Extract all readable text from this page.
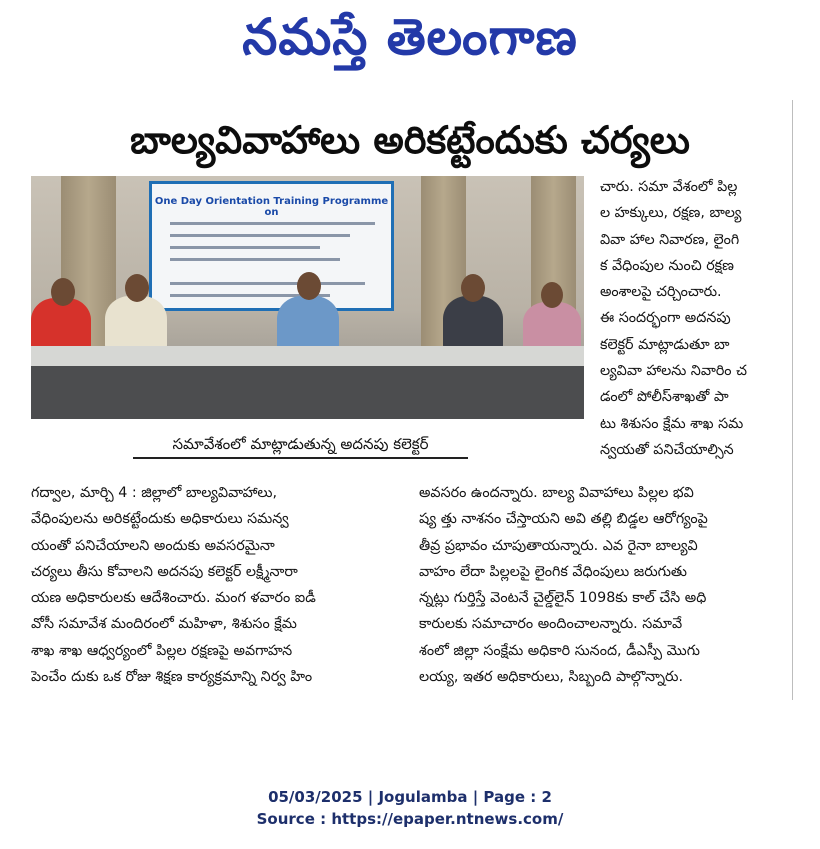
నమస్తే తెలంగాణ
బాల్యవివాహాలు అరికట్టేందుకు చర్యలు
One Day Orientation Training Programme on
సమావేశంలో మాట్లాడుతున్న అదనపు కలెక్టర్
చారు. సమా వేశంలో పిల్ల
ల హక్కులు, రక్షణ, బాల్య
వివా హాల నివారణ, లైంగి
క వేధింపుల నుంచి రక్షణ
అంశాలపై చర్చించారు.
ఈ సందర్భంగా అదనపు
కలెక్టర్ మాట్లాడుతూ బా
ల్యవివా హాలను నివారిం చ
డంలో పోలీస్‌శాఖతో పా
టు శిశుసం క్షేమ శాఖ సమ
న్వయతో పనిచేయాల్సిన
గద్వాల, మార్చి 4 : జిల్లాలో బాల్యవివాహాలు,
వేధింపులను అరికట్టేందుకు అధికారులు సమన్వ
యంతో పనిచేయాలని అందుకు అవసరమైనా
చర్యలు తీసు కోవాలని అదనపు కలెక్టర్ లక్ష్మీనారా
యణ అధికారులకు ఆదేశించారు. మంగ ళవారం ఐడీ
వోసీ సమావేశ మందిరంలో మహిళా, శిశుసం క్షేమ
శాఖ శాఖ ఆధ్వర్యంలో పిల్లల రక్షణపై అవగాహన
పెంచేం దుకు ఒక రోజు శిక్షణ కార్యక్రమాన్ని నిర్వ హిం
అవసరం ఉందన్నారు. బాల్య వివాహాలు పిల్లల భవి
ష్య త్తు నాశనం చేస్తాయని అవి తల్లి బిడ్డల ఆరోగ్యంపై
తీవ్ర ప్రభావం చూపుతాయన్నారు. ఎవ రైనా బాల్యవి
వాహం లేదా పిల్లలపై లైంగిక వేధింపులు జరుగుతు
న్నట్లు గుర్తిస్తే వెంటనే చైల్డ్‌లైన్ 1098కు కాల్ చేసి అధి
కారులకు సమాచారం అందించాలన్నారు. సమావే
శంలో జిల్లా సంక్షేమ అధికారి సునంద, డీఎస్పీ మొగు
లయ్య, ఇతర అధికారులు, సిబ్బంది పాల్గొన్నారు.
05/03/2025 | Jogulamba | Page : 2
Source : https://epaper.ntnews.com/
